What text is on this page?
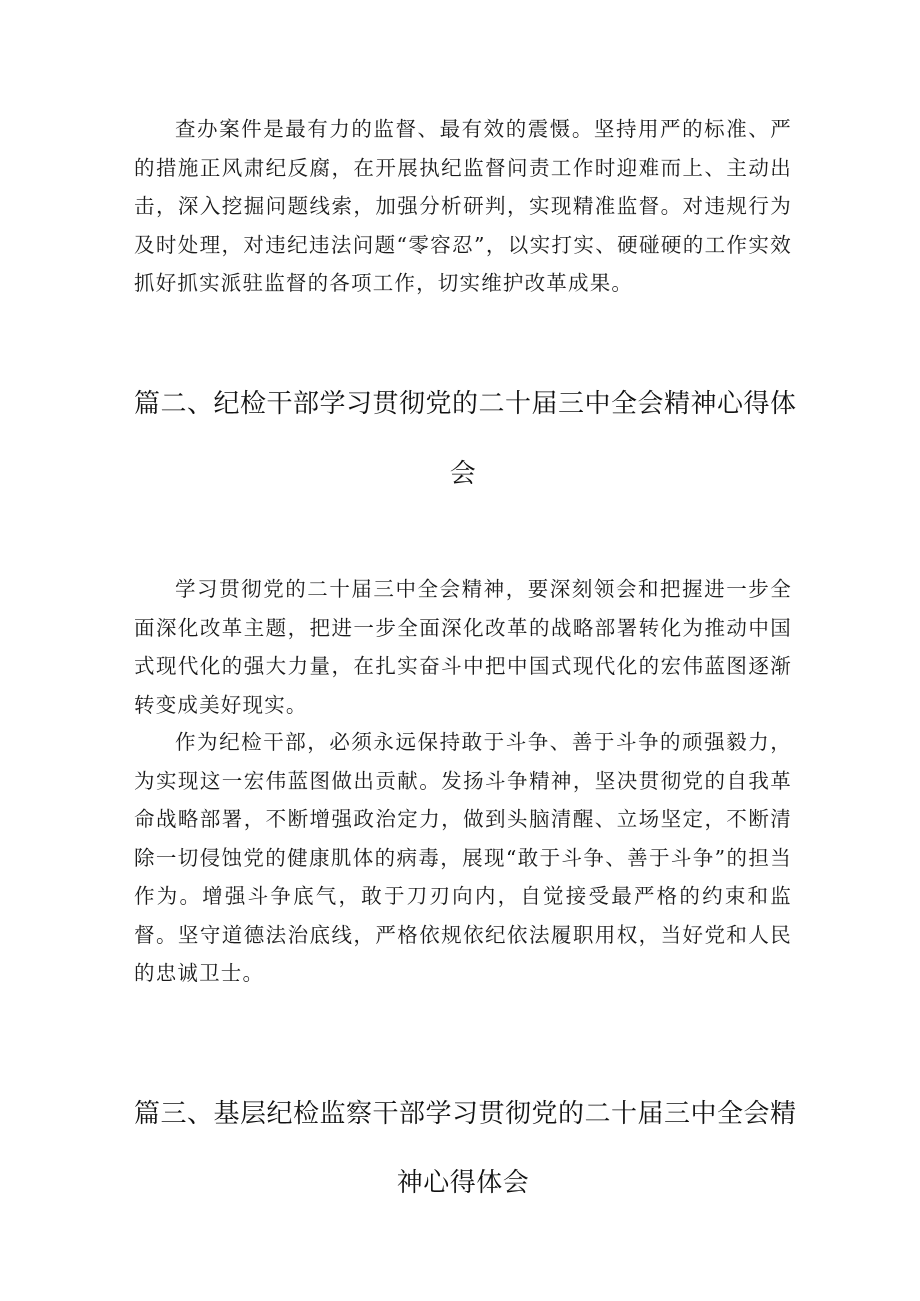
查办案件是最有力的监督、最有效的震慑。坚持用严的标准、严的措施正风肃纪反腐，在开展执纪监督问责工作时迎难而上、主动出击，深入挖掘问题线索，加强分析研判，实现精准监督。对违规行为及时处理，对违纪违法问题“零容忍”，以实打实、硬碰硬的工作实效抓好抓实派驻监督的各项工作，切实维护改革成果。

篇二、纪检干部学习贯彻党的二十届三中全会精神心得体
会

学习贯彻党的二十届三中全会精神，要深刻领会和把握进一步全面深化改革主题，把进一步全面深化改革的战略部署转化为推动中国式现代化的强大力量，在扎实奋斗中把中国式现代化的宏伟蓝图逐渐转变成美好现实。

作为纪检干部，必须永远保持敢于斗争、善于斗争的顽强毅力，为实现这一宏伟蓝图做出贡献。发扬斗争精神，坚决贯彻党的自我革命战略部署，不断增强政治定力，做到头脑清醒、立场坚定，不断清除一切侵蚀党的健康肌体的病毒，展现“敢于斗争、善于斗争”的担当作为。增强斗争底气，敢于刀刃向内，自觉接受最严格的约束和监督。坚守道德法治底线，严格依规依纪依法履职用权，当好党和人民的忠诚卫士。

篇三、基层纪检监察干部学习贯彻党的二十届三中全会精
神心得体会
